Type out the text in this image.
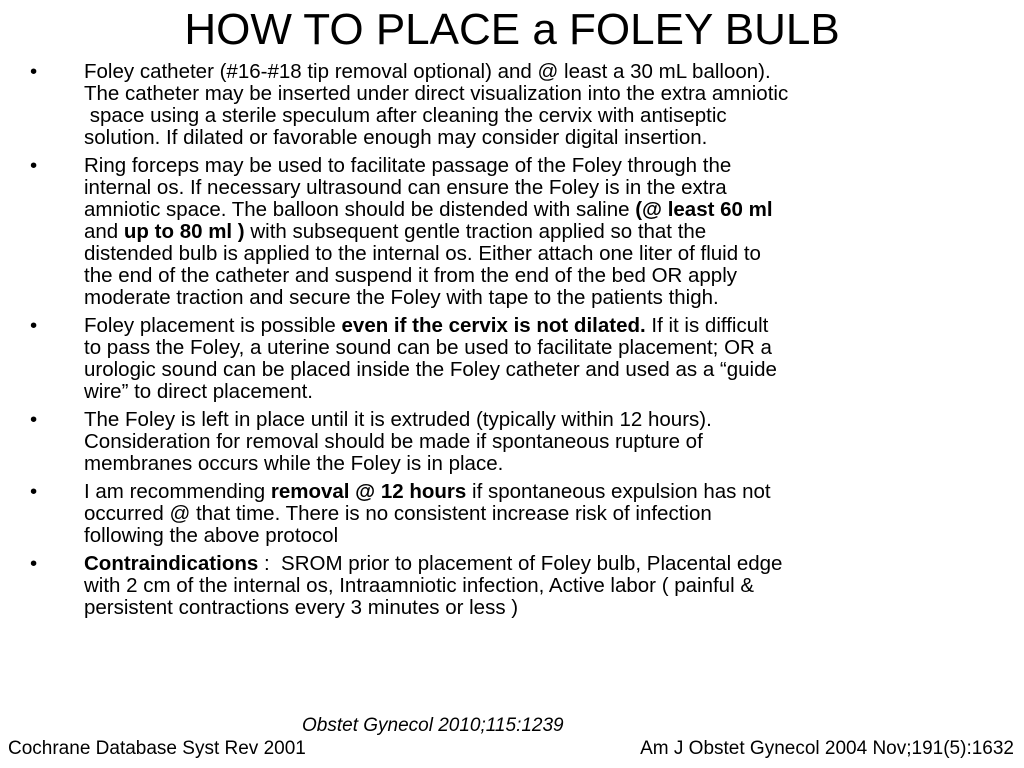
HOW TO PLACE a FOLEY BULB
•	Foley catheter (#16-#18 tip removal optional) and @ least a 30 mL balloon).
The catheter may be inserted under direct visualization into the extra amniotic
space using a sterile speculum after cleaning the cervix with antiseptic
solution. If dilated or favorable enough may consider digital insertion.
•	Ring forceps may be used to facilitate passage of the Foley through the
internal os. If necessary ultrasound can ensure the Foley is in the extra
amniotic space. The balloon should be distended with saline (@ least 60 ml
and up to 80 ml ) with subsequent gentle traction applied so that the
distended bulb is applied to the internal os. Either attach one liter of fluid to
the end of the catheter and suspend it from the end of the bed OR apply
moderate traction and secure the Foley with tape to the patients thigh.
•	Foley placement is possible even if the cervix is not dilated. If it is difficult
to pass the Foley, a uterine sound can be used to facilitate placement; OR a
urologic sound can be placed inside the Foley catheter and used as a “guide
wire” to direct placement.
•	The Foley is left in place until it is extruded (typically within 12 hours).
Consideration for removal should be made if spontaneous rupture of
membranes occurs while the Foley is in place.
•	I am recommending removal @ 12 hours if spontaneous expulsion has not
occurred @ that time. There is no consistent increase risk of infection
following the above protocol
•	Contraindications :  SROM prior to placement of Foley bulb, Placental edge
with 2 cm of the internal os, Intraamniotic infection, Active labor ( painful &
persistent contractions every 3 minutes or less )
Obstet Gynecol 2010;115:1239
Cochrane Database Syst Rev 2001	Am J Obstet Gynecol 2004 Nov;191(5):1632
